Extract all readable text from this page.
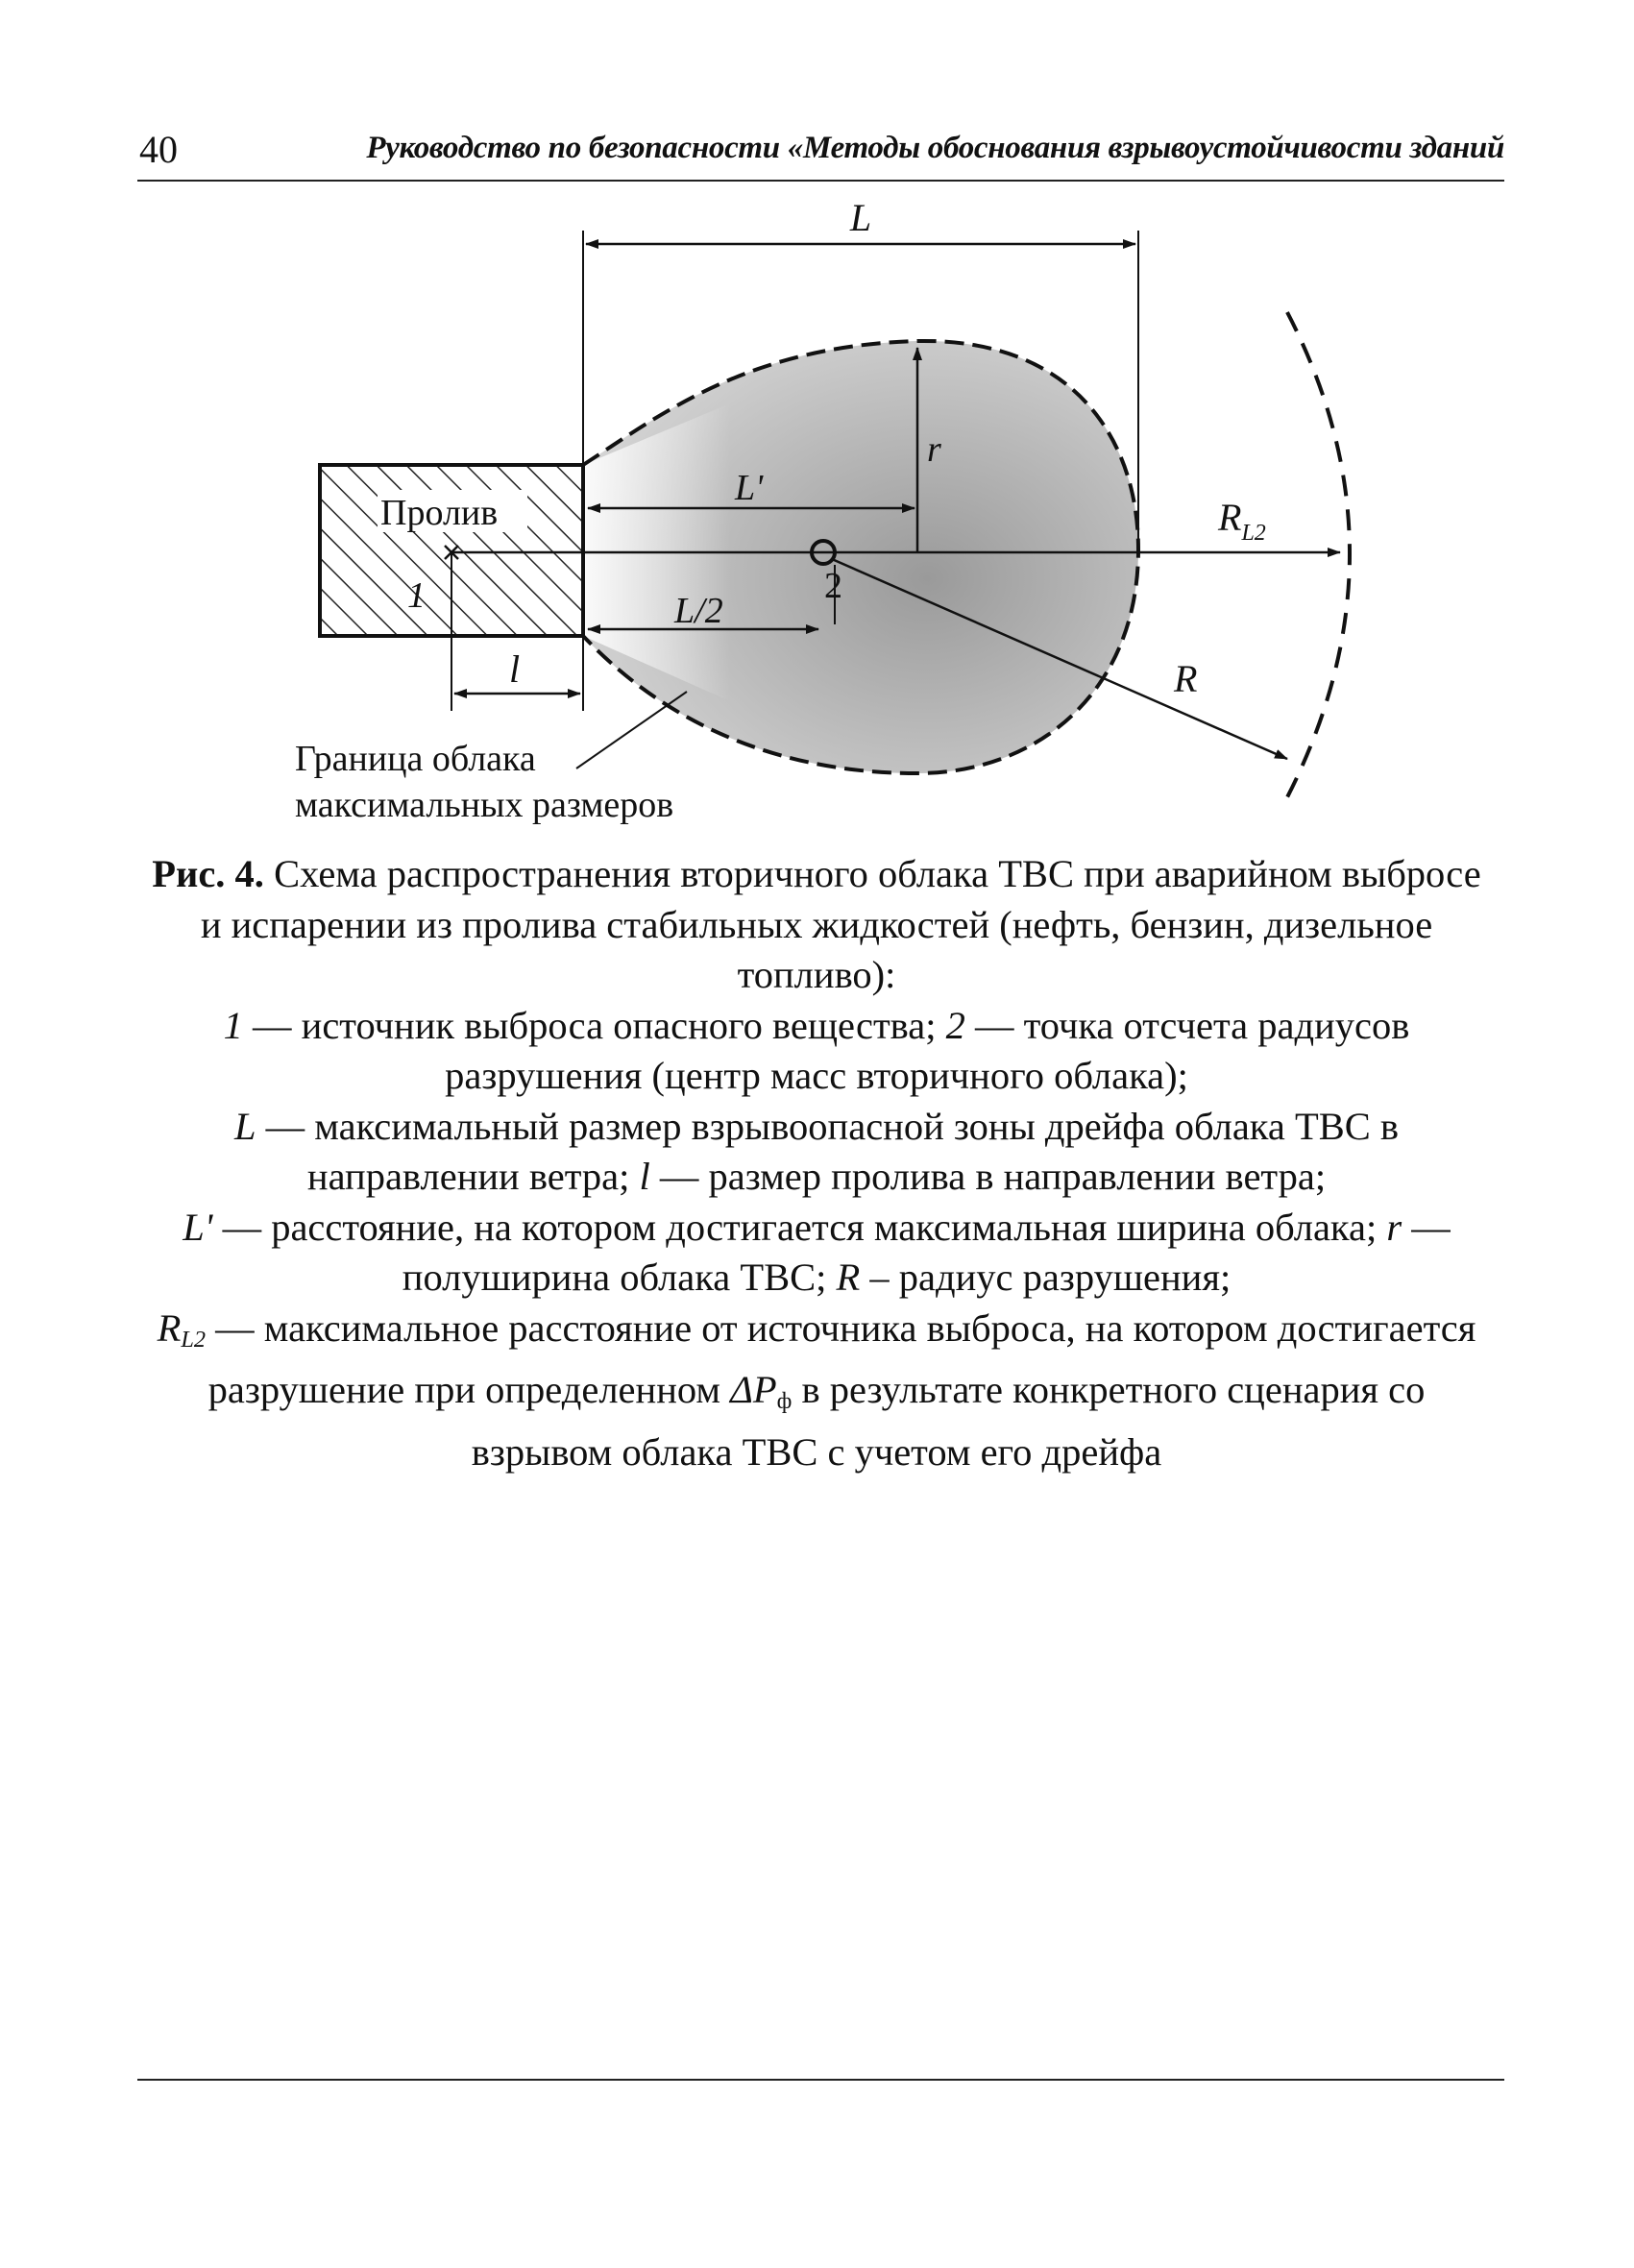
40	Руководство по безопасности «Методы обоснования взрывоустойчивости зданий
Пролив
L
r
L'
1	2
L/2
l	R
$R_{L2}$
Граница облака
максимальных размеров

Рис. 4. Схема распространения вторичного облака ТВС при аварийном выбросе и испарении из пролива стабильных жидкостей (нефть, бензин, дизельное топливо):

1 — источник выброса опасного вещества; 2 — точка отсчета радиусов разрушения (центр масс вторичного облака);
L — максимальный размер взрывоопасной зоны дрейфа облака ТВС в направлении ветра; l — размер пролива в направлении ветра;
L' — расстояние, на котором достигается максимальная ширина облака; r — полуширина облака ТВС; R – радиус разрушения;
$R_{L2}$ — максимальное расстояние от источника выброса, на котором достигается разрушение при определенном $\Delta P_ф$ в результате конкретного сценария со взрывом облака ТВС с учетом его дрейфа
